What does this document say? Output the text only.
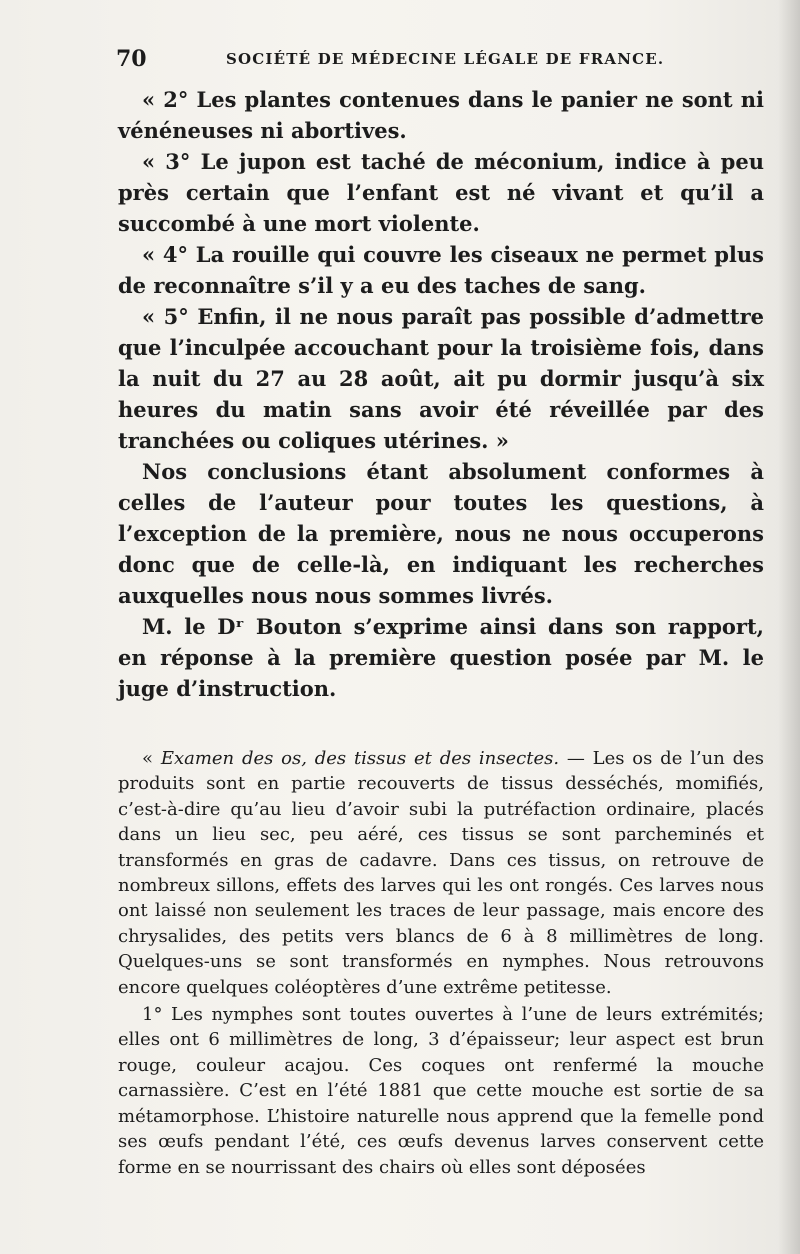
70	SOCIÉTÉ DE MÉDECINE LÉGALE DE FRANCE.

« 2° Les plantes contenues dans le panier ne sont ni vénéneuses ni abortives.

« 3° Le jupon est taché de méconium, indice à peu près certain que l’enfant est né vivant et qu’il a succombé à une mort violente.

« 4° La rouille qui couvre les ciseaux ne permet plus de reconnaître s’il y a eu des taches de sang.

« 5° Enfin, il ne nous paraît pas possible d’admettre que l’inculpée accouchant pour la troisième fois, dans la nuit du 27 au 28 août, ait pu dormir jusqu’à six heures du matin sans avoir été réveillée par des tranchées ou coliques utérines. »

Nos conclusions étant absolument conformes à celles de l’auteur pour toutes les questions, à l’exception de la première, nous ne nous occuperons donc que de celle-là, en indiquant les recherches auxquelles nous nous sommes livrés.

M. le Dʳ Bouton s’exprime ainsi dans son rapport, en réponse à la première question posée par M. le juge d’instruction.

« Examen des os, des tissus et des insectes. — Les os de l’un des produits sont en partie recouverts de tissus desséchés, momifiés, c’est-à-dire qu’au lieu d’avoir subi la putréfaction ordinaire, placés dans un lieu sec, peu aéré, ces tissus se sont parcheminés et transformés en gras de cadavre. Dans ces tissus, on retrouve de nombreux sillons, effets des larves qui les ont rongés. Ces larves nous ont laissé non seulement les traces de leur passage, mais encore des chrysalides, des petits vers blancs de 6 à 8 millimètres de long. Quelques-uns se sont transformés en nymphes. Nous retrouvons encore quelques coléoptères d’une extrême petitesse.

1° Les nymphes sont toutes ouvertes à l’une de leurs extrémités; elles ont 6 millimètres de long, 3 d’épaisseur; leur aspect est brun rouge, couleur acajou. Ces coques ont renfermé la mouche carnassière. C’est en l’été 1881 que cette mouche est sortie de sa métamorphose. L’histoire naturelle nous apprend que la femelle pond ses œufs pendant l’été, ces œufs devenus larves conservent cette forme en se nourrissant des chairs où elles sont déposées
